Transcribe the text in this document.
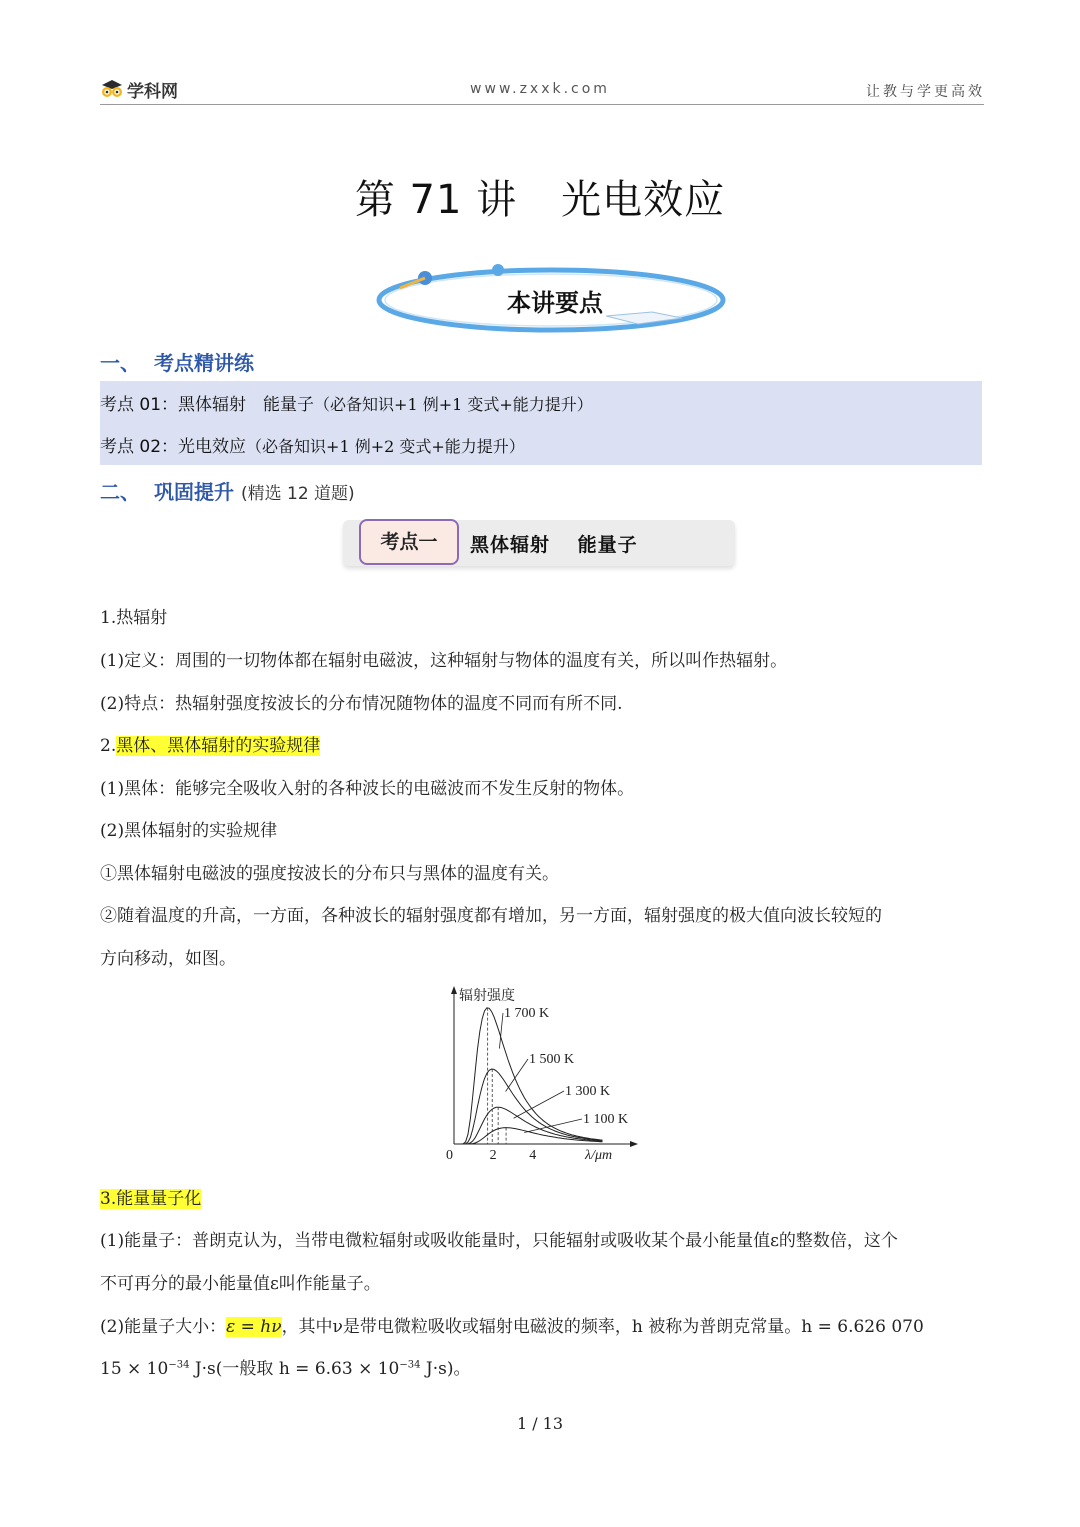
学科网	www.zxxk.com	让教与学更高效
第 71 讲 光电效应
本讲要点
一、 考点精讲练
考点 01：黑体辐射　能量子（必备知识+1 例+1 变式+能力提升）
考点 02：光电效应（必备知识+1 例+2 变式+能力提升）
二、 巩固提升 (精选 12 道题)
考点一	黑体辐射　 能量子
1.热辐射
(1)定义：周围的一切物体都在辐射电磁波，这种辐射与物体的温度有关，所以叫作热辐射。
(2)特点：热辐射强度按波长的分布情况随物体的温度不同而有所不同.
2.黑体、黑体辐射的实验规律
(1)黑体：能够完全吸收入射的各种波长的电磁波而不发生反射的物体。
(2)黑体辐射的实验规律
①黑体辐射电磁波的强度按波长的分布只与黑体的温度有关。
②随着温度的升高，一方面，各种波长的辐射强度都有增加，另一方面，辐射强度的极大值向波长较短的
方向移动，如图。
辐射强度
λ/μm
0	2 4
1 700 K
1 500 K
1 300 K
1 100 K
3.能量量子化
(1)能量子：普朗克认为，当带电微粒辐射或吸收能量时，只能辐射或吸收某个最小能量值ε的整数倍，这个
不可再分的最小能量值ε叫作能量子。
(2)能量子大小：ε = hν，其中ν是带电微粒吸收或辐射电磁波的频率，h 被称为普朗克常量。h = 6.626 070
$15 \times 10^{-34}$ J·s(一般取 $h = 6.63 \times 10^{-34}$ J·s)。
1 / 13
